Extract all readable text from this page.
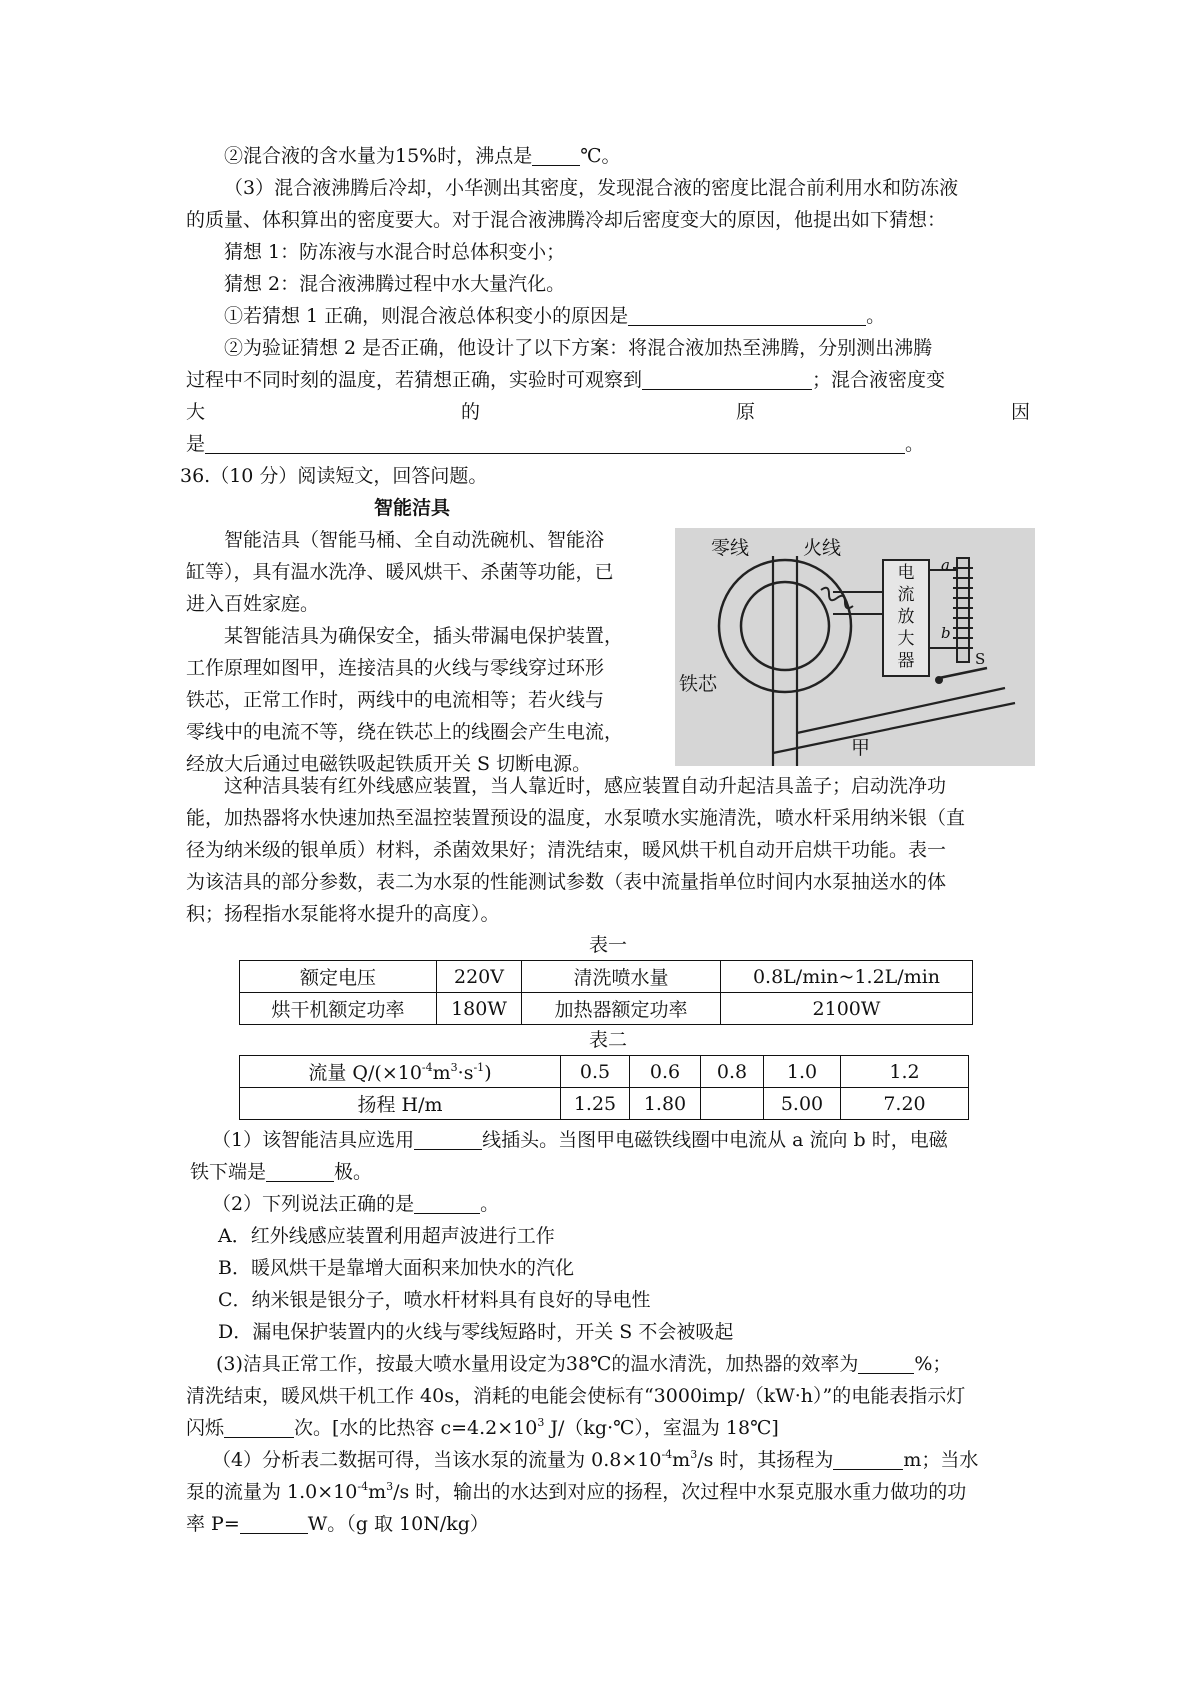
②混合液的含水量为15%时，沸点是	℃。
（3）混合液沸腾后冷却，小华测出其密度，发现混合液的密度比混合前利用水和防冻液
的质量、体积算出的密度要大。对于混合液沸腾冷却后密度变大的原因，他提出如下猜想：
猜想 1：防冻液与水混合时总体积变小；
猜想 2：混合液沸腾过程中水大量汽化。
①若猜想 1 正确，则混合液总体积变小的原因是	。
②为验证猜想 2 是否正确，他设计了以下方案：将混合液加热至沸腾，分别测出沸腾
过程中不同时刻的温度，若猜想正确，实验时可观察到	；混合液密度变
大	的	原	因
是	。
36.（10 分）阅读短文，回答问题。
智能洁具
智能洁具（智能马桶、全自动洗碗机、智能浴
缸等），具有温水洗净、暖风烘干、杀菌等功能，已
进入百姓家庭。
某智能洁具为确保安全，插头带漏电保护装置，
工作原理如图甲，连接洁具的火线与零线穿过环形
铁芯，正常工作时，两线中的电流相等；若火线与
零线中的电流不等，绕在铁芯上的线圈会产生电流，
经放大后通过电磁铁吸起铁质开关 S 切断电源。
电
流
放
大
器
a
b
S
零线	火线
铁芯
甲
这种洁具装有红外线感应装置，当人靠近时，感应装置自动升起洁具盖子；启动洗净功
能，加热器将水快速加热至温控装置预设的温度，水泵喷水实施清洗，喷水杆采用纳米银（直
径为纳米级的银单质）材料，杀菌效果好；清洗结束，暖风烘干机自动开启烘干功能。表一
为该洁具的部分参数，表二为水泵的性能测试参数（表中流量指单位时间内水泵抽送水的体
积；扬程指水泵能将水提升的高度）。
表一
额定电压	220V	清洗喷水量	0.8L/min~1.2L/min
烘干机额定功率	180W	加热器额定功率	2100W
表二
流量 $Q/(\times 10^{-4}m^3\cdot s^{-1})$	0.5	0.6	0.8	1.0	1.2
扬程 H/m	1.25	1.80		5.00	7.20
（1）该智能洁具应选用	线插头。当图甲电磁铁线圈中电流从 a 流向 b 时，电磁
铁下端是	极。
（2）下列说法正确的是	。
A．红外线感应装置利用超声波进行工作
B．暖风烘干是靠增大面积来加快水的汽化
C．纳米银是银分子，喷水杆材料具有良好的导电性
D．漏电保护装置内的火线与零线短路时，开关 S 不会被吸起
(3)洁具正常工作，按最大喷水量用设定为38℃的温水清洗，加热器的效率为	%；
清洗结束，暖风烘干机工作 40s，消耗的电能会使标有“3000imp/（kW·h）”的电能表指示灯
闪烁	次。[水的比热容 $c=4.2\times 10^3$ J/（kg·℃），室温为 18℃]
（4）分析表二数据可得，当该水泵的流量为 $0.8\times 10^{-4}m^3/s$ 时，其扬程为	m；当水
泵的流量为 $1.0\times 10^{-4}m^3/s$ 时，输出的水达到对应的扬程，次过程中水泵克服水重力做功的功
率 P=	W。（g 取 10N/kg）
